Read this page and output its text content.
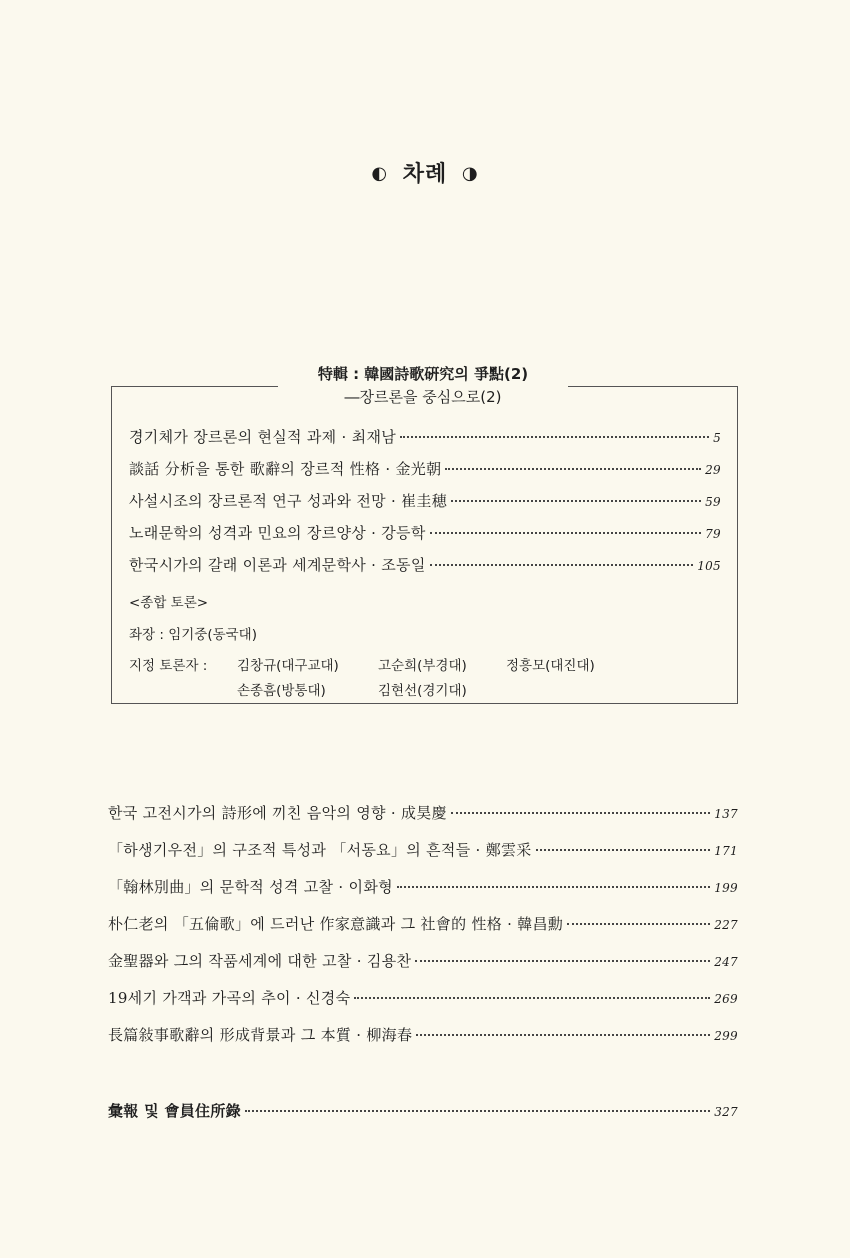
◐ 차례 ◑
特輯 : 韓國詩歌硏究의 爭點(2)
―장르론을 중심으로(2)
경기체가 장르론의 현실적 과제 · 최재남	5
談話 分析을 통한 歌辭의 장르적 性格 · 金光朝	29
사설시조의 장르론적 연구 성과와 전망 · 崔圭穂	59
노래문학의 성격과 민요의 장르양상 · 강등학	79
한국시가의 갈래 이론과 세계문학사 · 조동일	105
<종합 토론>
좌장 : 임기중(동국대)
지정 토론자 : 김창규(대구교대)	고순희(부경대)	정흥모(대진대)
손종흠(방통대)	김현선(경기대)
한국 고전시가의 詩形에 끼친 음악의 영향 · 成昊慶	137
「하생기우전」의 구조적 특성과 「서동요」의 흔적들 · 鄭雲采	171
「翰林別曲」의 문학적 성격 고찰 · 이화형	199
朴仁老의 「五倫歌」에 드러난 作家意識과 그 社會的 性格 · 韓昌勳	227
金聖器와 그의 작품세계에 대한 고찰 · 김용찬	247
19세기 가객과 가곡의 추이 · 신경숙	269
長篇敍事歌辭의 形成背景과 그 本質 · 柳海春	299
彙報 및 會員住所錄	327
